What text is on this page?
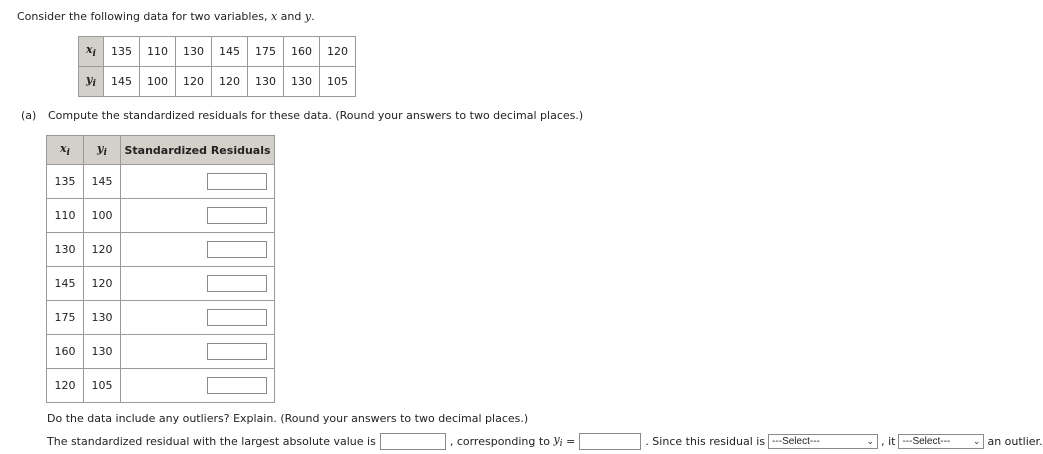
Consider the following data for two variables, x and y.
$x_i$	135	110	130	145	175	160	120
$y_i$	145	100	120	120	130	130	105
(a) Compute the standardized residuals for these data. (Round your answers to two decimal places.)
$x_i$	$y_i$	Standardized Residuals
135	145	
110	100	
130	120	
145	120	
175	130	
160	130	
120	105	
Do the data include any outliers? Explain. (Round your answers to two decimal places.)
The standardized residual with the largest absolute value is	, corresponding to
$y_i$
=	. Since this residual is ---Select---	⌄ , it ---Select---	⌄ an outlier.
